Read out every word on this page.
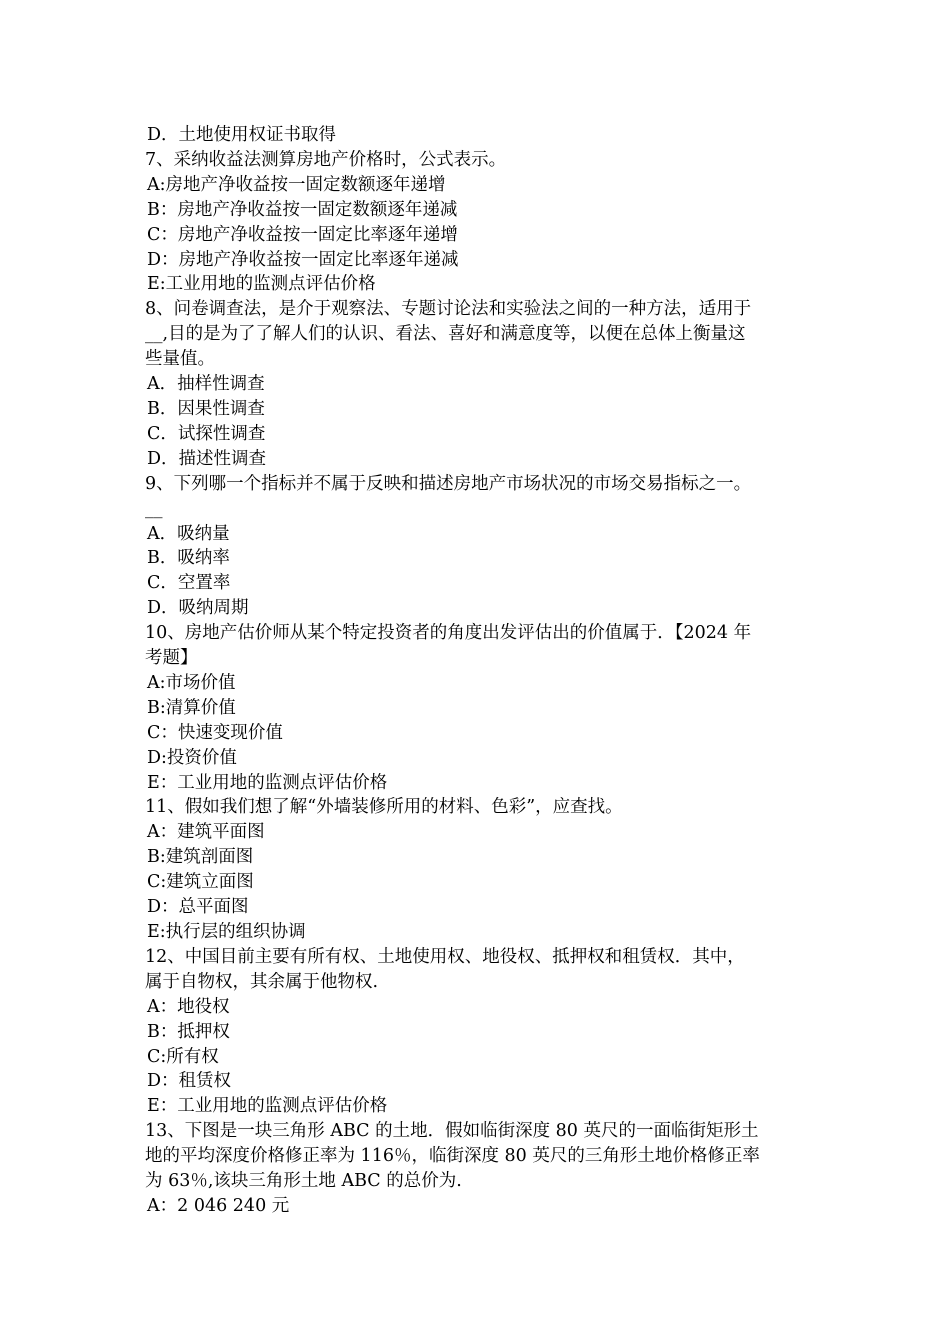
D．土地使用权证书取得
7、采纳收益法测算房地产价格时，公式表示。
A:房地产净收益按一固定数额逐年递增
B：房地产净收益按一固定数额逐年递减
C：房地产净收益按一固定比率逐年递增
D：房地产净收益按一固定比率逐年递减
E:工业用地的监测点评估价格
8、问卷调查法，是介于观察法、专题讨论法和实验法之间的一种方法，适用于
__,目的是为了了解人们的认识、看法、喜好和满意度等，以便在总体上衡量这
些量值。
A．抽样性调查
B．因果性调查
C．试探性调查
D．描述性调查
9、下列哪一个指标并不属于反映和描述房地产市场状况的市场交易指标之一。
__
A．吸纳量
B．吸纳率
C．空置率
D．吸纳周期
10、房地产估价师从某个特定投资者的角度出发评估出的价值属于．【2024 年
考题】
A:市场价值
B:清算价值
C：快速变现价值
D:投资价值
E：工业用地的监测点评估价格
11、假如我们想了解“外墙装修所用的材料、色彩”，应查找。
A：建筑平面图
B:建筑剖面图
C:建筑立面图
D：总平面图
E:执行层的组织协调
12、中国目前主要有所有权、土地使用权、地役权、抵押权和租赁权．其中，
属于自物权，其余属于他物权.
A：地役权
B：抵押权
C:所有权
D：租赁权
E：工业用地的监测点评估价格
13、下图是一块三角形 ABC 的土地．假如临街深度 80 英尺的一面临街矩形土
地的平均深度价格修正率为 116％，临街深度 80 英尺的三角形土地价格修正率
为 63％,该块三角形土地 ABC 的总价为.
A：2 046 240 元
